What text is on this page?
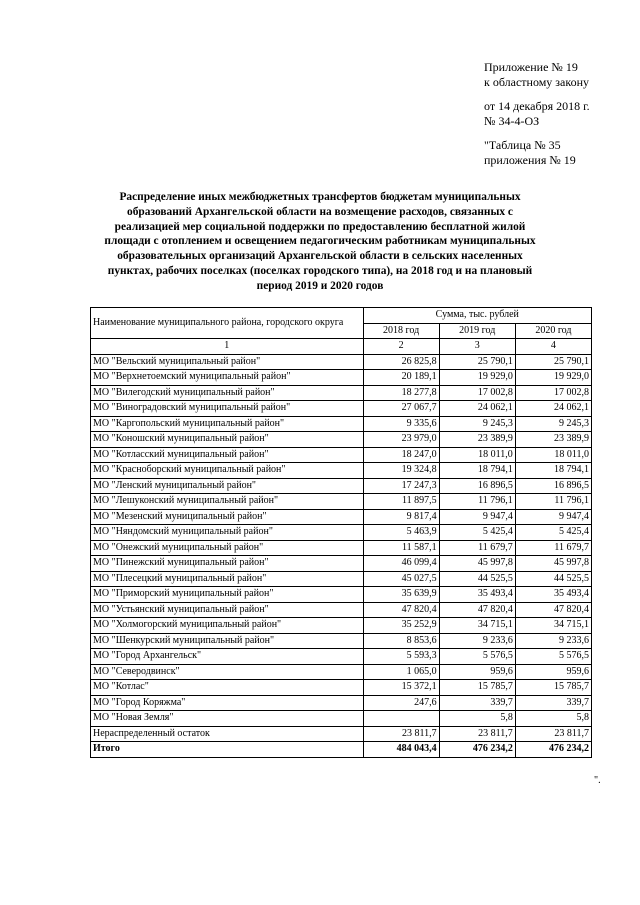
Приложение № 19
к областному закону
от 14 декабря 2018 г.
№ 34-4-ОЗ
"Таблица № 35
приложения № 19
Распределение иных межбюджетных трансфертов бюджетам муниципальных образований Архангельской области на возмещение расходов, связанных с реализацией мер социальной поддержки по предоставлению бесплатной жилой площади с отоплением и освещением педагогическим работникам муниципальных образовательных организаций Архангельской области в сельских населенных пунктах, рабочих поселках (поселках городского типа), на 2018 год и на плановый период 2019 и 2020 годов
Наименование муниципального района, городского округа	Сумма, тыс. рублей		
	2018 год	2019 год	2020 год
1	2	3	4
МО "Вельский муниципальный район"	26 825,8	25 790,1	25 790,1
МО "Верхнетоемский муниципальный район"	20 189,1	19 929,0	19 929,0
МО "Вилегодский муниципальный район"	18 277,8	17 002,8	17 002,8
МО "Виноградовский муниципальный район"	27 067,7	24 062,1	24 062,1
МО "Каргопольский муниципальный район"	9 335,6	9 245,3	9 245,3
МО "Коношский муниципальный район"	23 979,0	23 389,9	23 389,9
МО "Котласский муниципальный район"	18 247,0	18 011,0	18 011,0
МО "Красноборский муниципальный район"	19 324,8	18 794,1	18 794,1
МО "Ленский муниципальный район"	17 247,3	16 896,5	16 896,5
МО "Лешуконский муниципальный район"	11 897,5	11 796,1	11 796,1
МО "Мезенский муниципальный район"	9 817,4	9 947,4	9 947,4
МО "Няндомский муниципальный район"	5 463,9	5 425,4	5 425,4
МО "Онежский муниципальный район"	11 587,1	11 679,7	11 679,7
МО "Пинежский муниципальный район"	46 099,4	45 997,8	45 997,8
МО "Плесецкий муниципальный район"	45 027,5	44 525,5	44 525,5
МО "Приморский муниципальный район"	35 639,9	35 493,4	35 493,4
МО "Устьянский муниципальный район"	47 820,4	47 820,4	47 820,4
МО "Холмогорский муниципальный район"	35 252,9	34 715,1	34 715,1
МО "Шенкурский муниципальный район"	8 853,6	9 233,6	9 233,6
МО "Город Архангельск"	5 593,3	5 576,5	5 576,5
МО "Северодвинск"	1 065,0	959,6	959,6
МО "Котлас"	15 372,1	15 785,7	15 785,7
МО "Город Коряжма"	247,6	339,7	339,7
МО "Новая Земля"		5,8	5,8
Нераспределенный остаток	23 811,7	23 811,7	23 811,7
Итого	484 043,4	476 234,2	476 234,2
".
